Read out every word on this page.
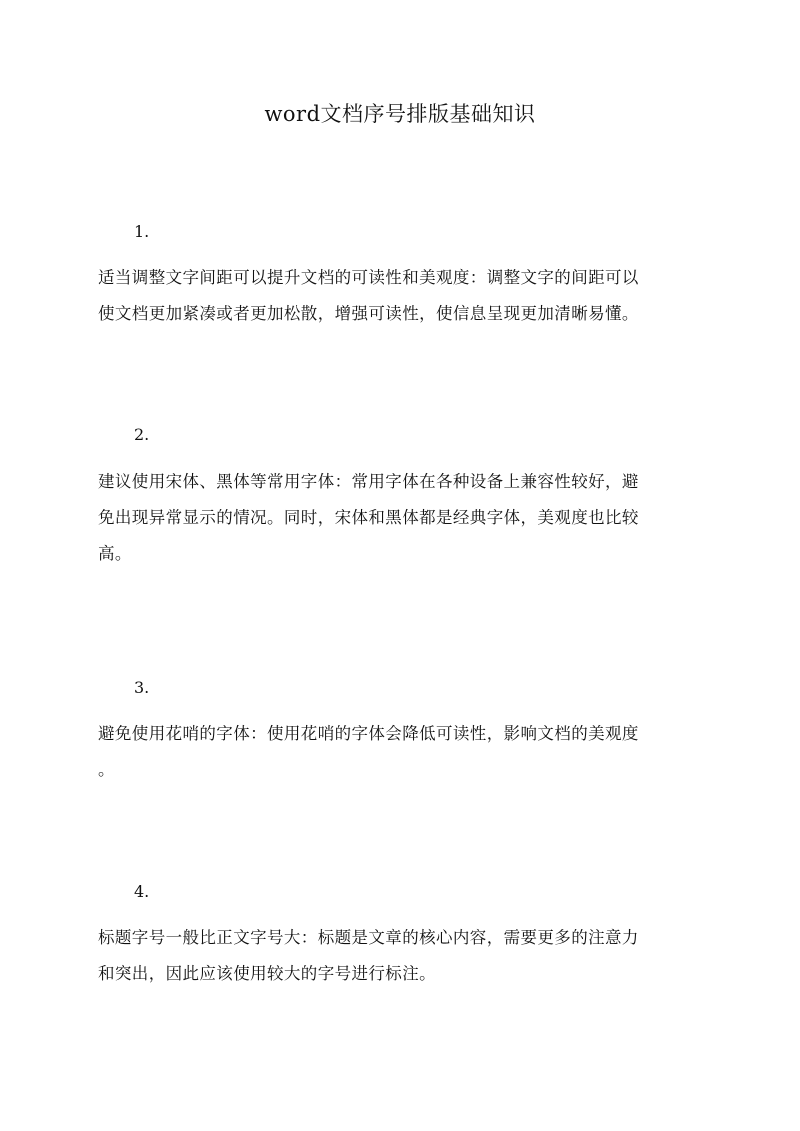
word文档序号排版基础知识
1.
适当调整文字间距可以提升文档的可读性和美观度：调整文字的间距可以
使文档更加紧凑或者更加松散，增强可读性，使信息呈现更加清晰易懂。
2.
建议使用宋体、黑体等常用字体：常用字体在各种设备上兼容性较好，避
免出现异常显示的情况。同时，宋体和黑体都是经典字体，美观度也比较
高。
3.
避免使用花哨的字体：使用花哨的字体会降低可读性，影响文档的美观度
。
4.
标题字号一般比正文字号大：标题是文章的核心内容，需要更多的注意力
和突出，因此应该使用较大的字号进行标注。
